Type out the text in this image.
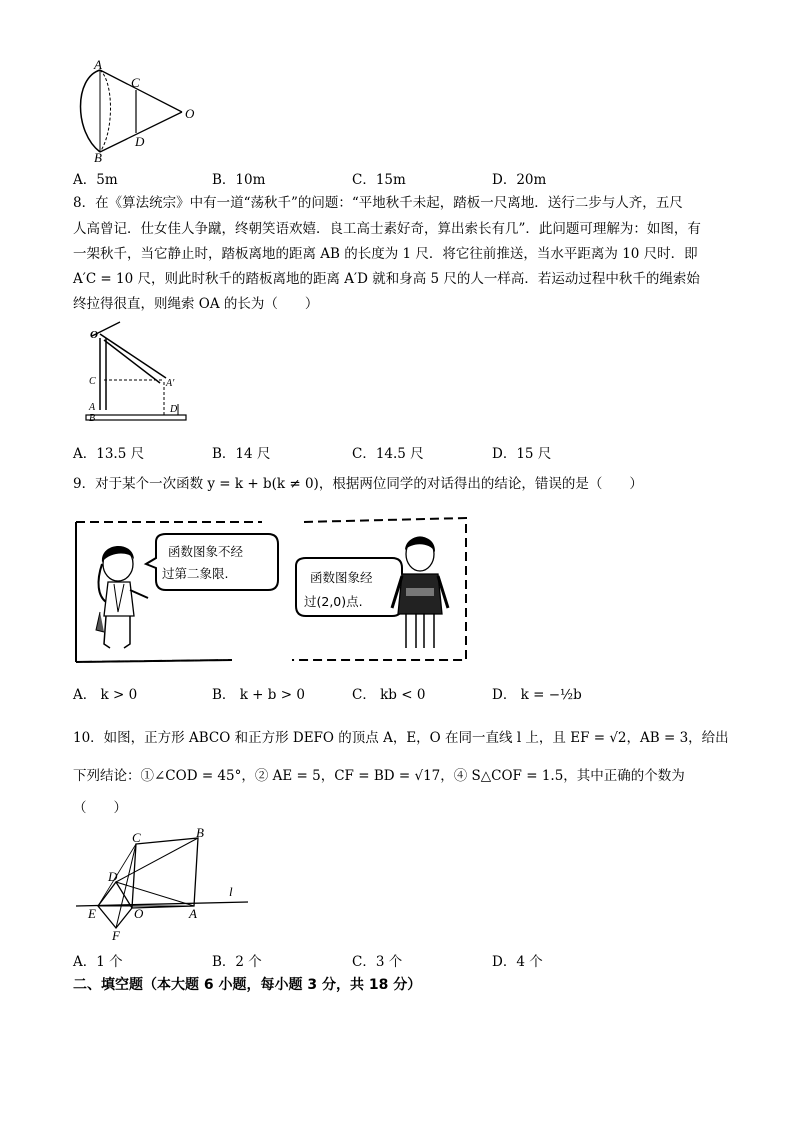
A
B
C
D
O
A．5m	B．10m	C．15m	D．20m
8．在《算法统宗》中有一道“荡秋千”的问题：“平地秋千未起，踏板一尺离地．送行二步与人齐，五尺
人高曾记．仕女佳人争蹴，终朝笑语欢嬉．良工高士素好奇，算出索长有几”．此问题可理解为：如图，有
一架秋千，当它静止时，踏板离地的距离 AB 的长度为 1 尺．将它往前推送，当水平距离为 10 尺时．即
A′C = 10 尺，则此时秋千的踏板离地的距离 A′D 就和身高 5 尺的人一样高．若运动过程中秋千的绳索始
终拉得很直，则绳索 OA 的长为（　　）
O
C	A′
A
B
D
A．13.5 尺	B．14 尺	C．14.5 尺	D．15 尺
9．对于某个一次函数 y = k + b(k ≠ 0)，根据两位同学的对话得出的结论，错误的是（　　）
函数图象不经
过第二象限.	函数图象经
过(2,0)点.
A． k > 0	B． k + b > 0	C． kb < 0	D． k = −½b
10．如图，正方形 ABCO 和正方形 DEFO 的顶点 A，E，O 在同一直线 l 上，且 EF = √2，AB = 3，给出
下列结论：①∠COD = 45°，② AE = 5，CF = BD = √17，④ S△COF = 1.5，其中正确的个数为
（　　）
C	B
D
l
E	O	A
F
A．1 个	B．2 个	C．3 个	D．4 个
二、填空题（本大题 6 小题，每小题 3 分，共 18 分）
